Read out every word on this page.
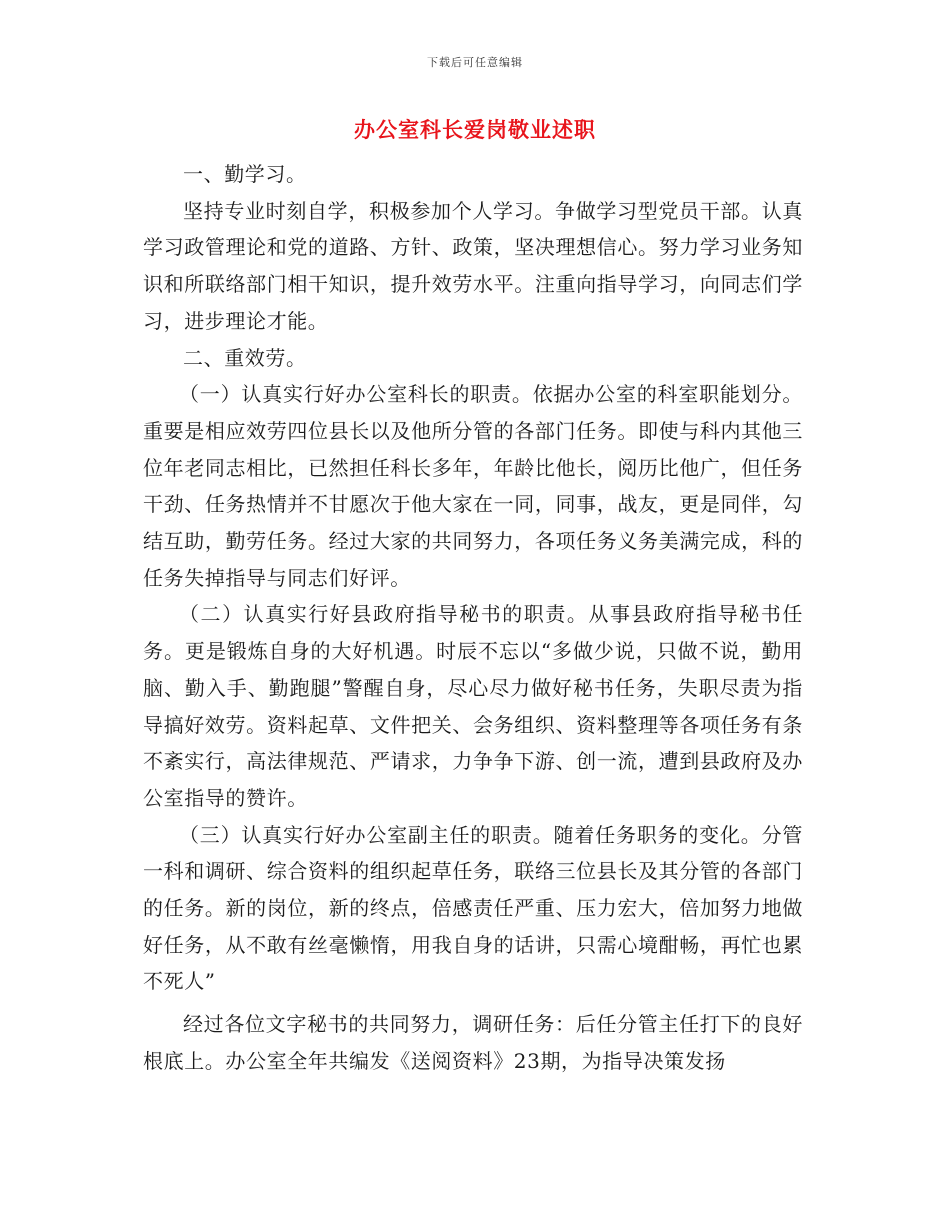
下载后可任意编辑
办公室科长爱岗敬业述职

一、勤学习。

坚持专业时刻自学，积极参加个人学习。争做学习型党员干部。认真学习政管理论和党的道路、方针、政策，坚决理想信心。努力学习业务知识和所联络部门相干知识，提升效劳水平。注重向指导学习，向同志们学习，进步理论才能。

二、重效劳。

（一）认真实行好办公室科长的职责。依据办公室的科室职能划分。重要是相应效劳四位县长以及他所分管的各部门任务。即使与科内其他三位年老同志相比，已然担任科长多年，年龄比他长，阅历比他广，但任务干劲、任务热情并不甘愿次于他大家在一同，同事，战友，更是同伴，勾结互助，勤劳任务。经过大家的共同努力，各项任务义务美满完成，科的任务失掉指导与同志们好评。

（二）认真实行好县政府指导秘书的职责。从事县政府指导秘书任务。更是锻炼自身的大好机遇。时辰不忘以“多做少说，只做不说，勤用脑、勤入手、勤跑腿”警醒自身，尽心尽力做好秘书任务，失职尽责为指导搞好效劳。资料起草、文件把关、会务组织、资料整理等各项任务有条不紊实行，高法律规范、严请求，力争争下游、创一流，遭到县政府及办公室指导的赞许。

（三）认真实行好办公室副主任的职责。随着任务职务的变化。分管一科和调研、综合资料的组织起草任务，联络三位县长及其分管的各部门的任务。新的岗位，新的终点，倍感责任严重、压力宏大，倍加努力地做好任务，从不敢有丝毫懒惰，用我自身的话讲，只需心境酣畅，再忙也累不死人”

经过各位文字秘书的共同努力，调研任务：后任分管主任打下的良好根底上。办公室全年共编发《送阅资料》23期，为指导决策发扬
